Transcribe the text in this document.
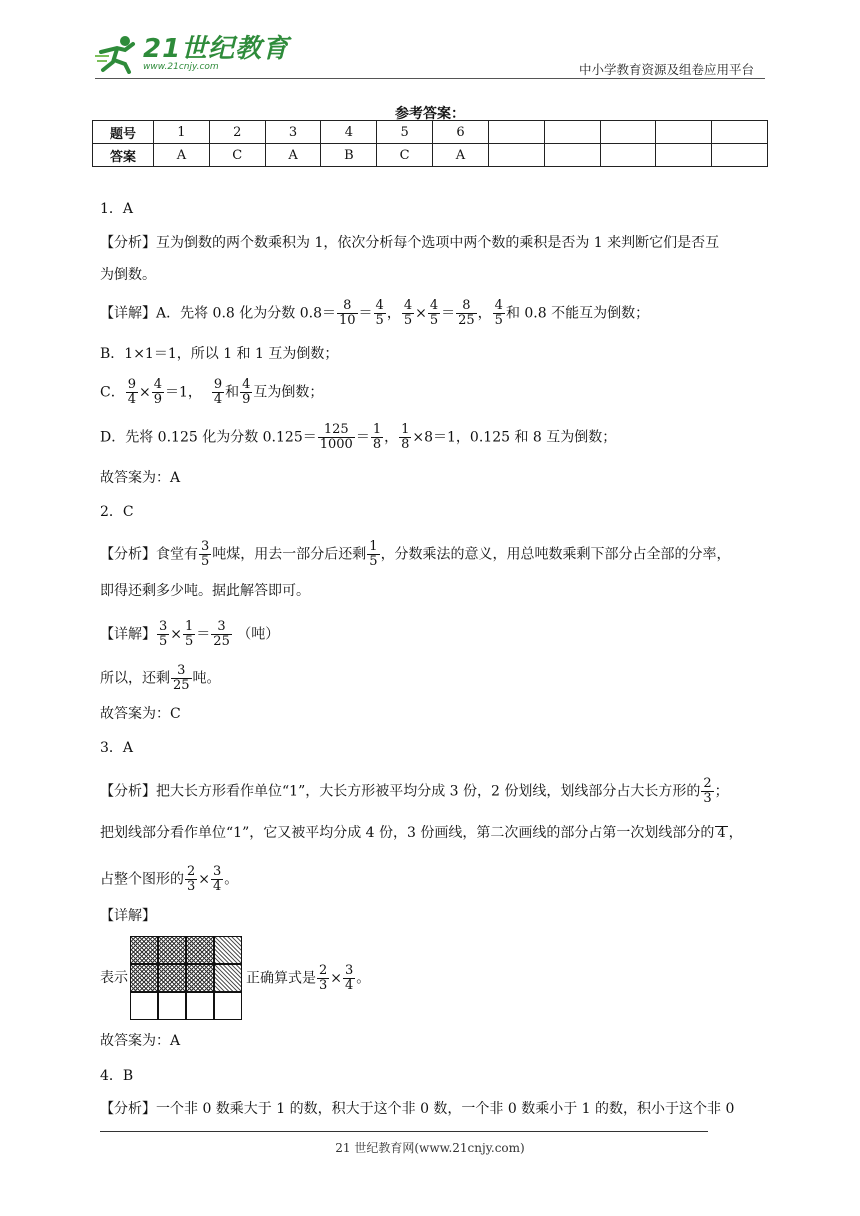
21世纪教育
www.21cnjy.com	中小学教育资源及组卷应用平台
参考答案：
题号	1	2	3	4	5	6					
答案	A	C	A	B	C	A					
1．A
【分析】互为倒数的两个数乘积为 1，依次分析每个选项中两个数的乘积是否为 1 来判断它们是否互
为倒数。
【详解】A．先将 0.8 化为分数 $0.8= \frac{8}{10} = \frac{4}{5}$ ， $\frac{4}{5} \times \frac{4}{5} = \frac{8}{25}$ ， $\frac{4}{5}$ 和 0.8 不能互为倒数；
B．1×1＝1，所以 1 和 1 互为倒数；
C． $\frac{9}{4} \times \frac{4}{9} =1$， $\frac{9}{4}$ 和 $\frac{4}{9}$ 互为倒数；
D．先将 0.125 化为分数 $0.125= \frac{125}{1000} = \frac{1}{8}$ ， $\frac{1}{8} \times 8=1$，0.125 和 8 互为倒数；
故答案为：A
2．C
【分析】食堂有 $\frac{3}{5}$ 吨煤，用去一部分后还剩 $\frac{1}{5}$ ，分数乘法的意义，用总吨数乘剩下部分占全部的分率，
即得还剩多少吨。据此解答即可。
【详解】 $\frac{3}{5} \times \frac{1}{5} = \frac{3}{25}$ （吨）
所以，还剩 $\frac{3}{25}$ 吨。
故答案为：C
3．A
【分析】把大长方形看作单位“1”，大长方形被平均分成 3 份，2 份划线，划线部分占大长方形的 $\frac{2}{3}$ ；
把划线部分看作单位“1”，它又被平均分成 4 份，3 份画线，第二次画线的部分占第一次划线部分的 4 ，
占整个图形的 $\frac{2}{3} \times \frac{3}{4}$ 。
【详解】
表示	正确算式是 $\frac{2}{3} \times \frac{3}{4}$ 。
故答案为：A
4．B
【分析】一个非 0 数乘大于 1 的数，积大于这个非 0 数，一个非 0 数乘小于 1 的数，积小于这个非 0
21 世纪教育网(www.21cnjy.com)
